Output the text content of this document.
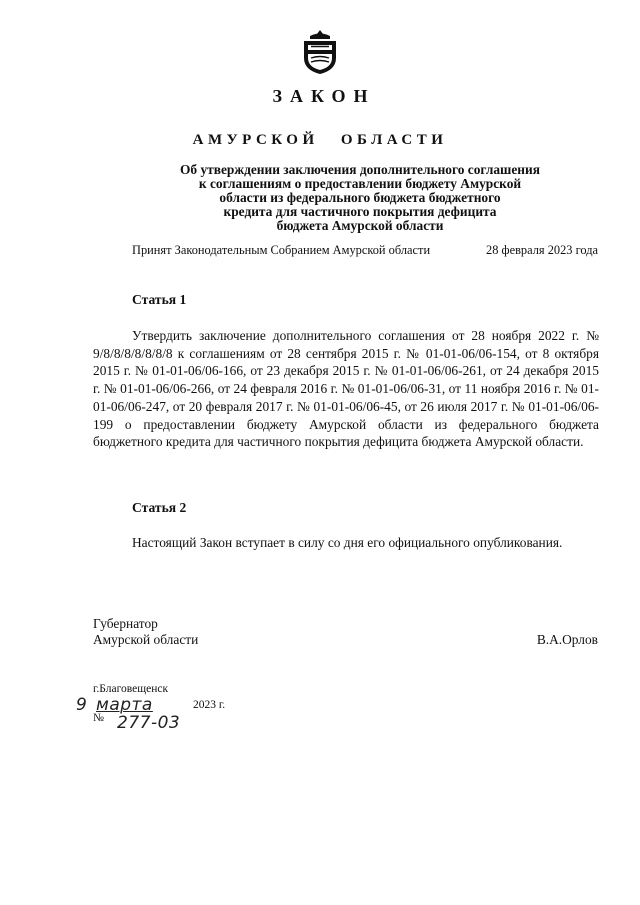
ЗАКОН
АМУРСКОЙ ОБЛАСТИ
Об утверждении заключения дополнительного соглашения
к соглашениям о предоставлении бюджету Амурской
области из федерального бюджета бюджетного
кредита для частичного покрытия дефицита
бюджета Амурской области
Принят Законодательным Собранием Амурской области	28 февраля 2023 года
Статья 1

Утвердить заключение дополнительного соглашения от 28 ноября 2022 г. № 9/8/8/8/8/8/8/8 к соглашениям от 28 сентября 2015 г. № 01-01-06/06-154, от 8 октября 2015 г. № 01-01-06/06-166, от 23 декабря 2015 г. № 01-01-06/06-261, от 24 декабря 2015 г. № 01-01-06/06-266, от 24 февраля 2016 г. № 01-01-06/06-31, от 11 ноября 2016 г. № 01-01-06/06-247, от 20 февраля 2017 г. № 01-01-06/06-45, от 26 июля 2017 г. № 01-01-06/06-199 о предоставлении бюджету Амурской области из федерального бюджета бюджетного кредита для частичного покрытия дефицита бюджета Амурской области.

Статья 2

Настоящий Закон вступает в силу со дня его официального опубликования.

Губернатор
Амурской области	В.А.Орлов
г.Благовещенск
9 марта	2023 г.
№ 277-03
